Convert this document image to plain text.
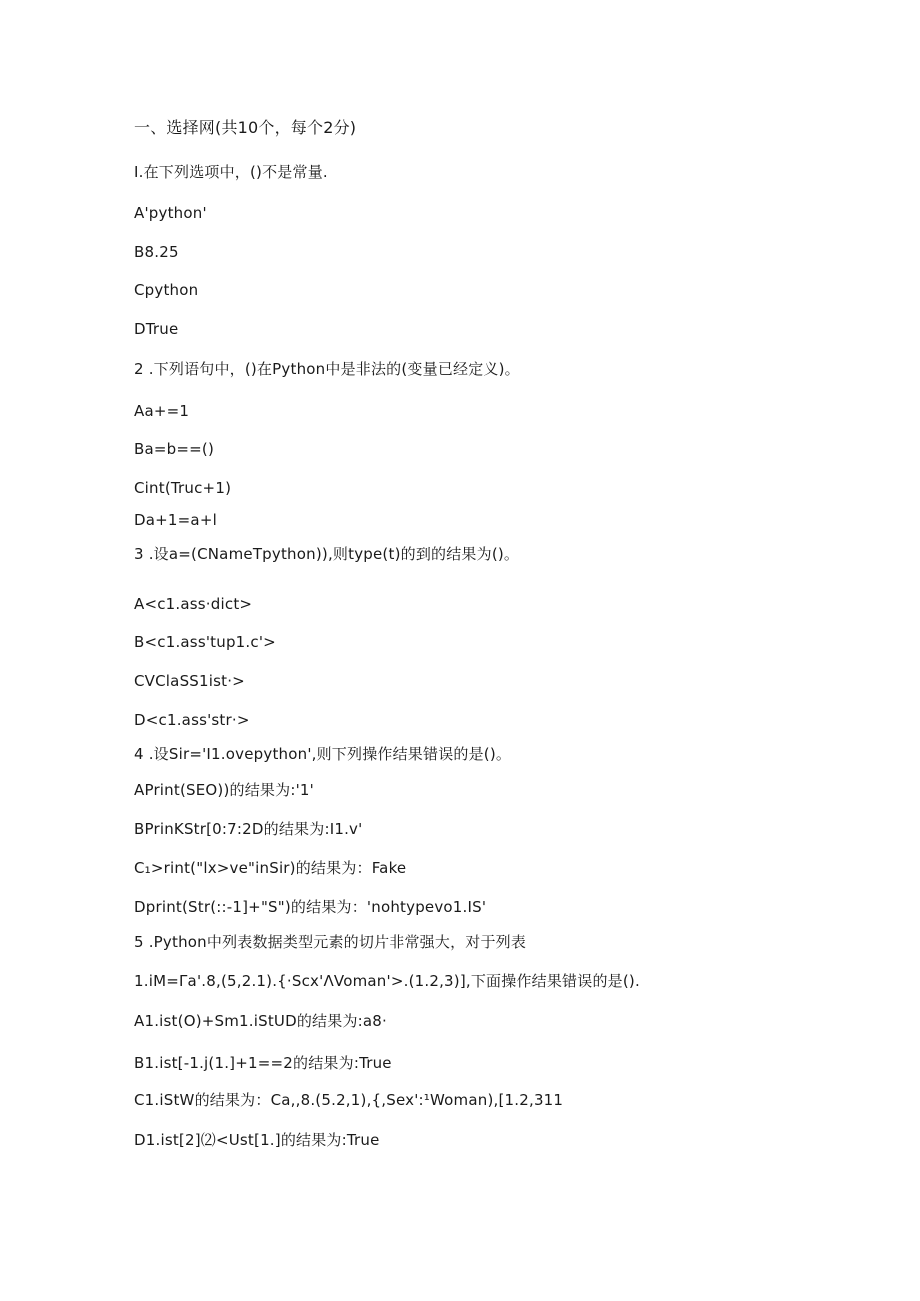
一、选择网(共10个，每个2分)
I.在下列选项中，()不是常量.
A'python'
B8.25
Cpython
DTrue
2 .下列语句中，()在Python中是非法的(变量已经定义)。
Aa+=1
Ba=b==()
Cint(Truc+1)
Da+1=a+l
3 .设a=(CNameTpython)),则type(t)的到的结果为()。
A<c1.ass·dict>
B<c1.ass'tup1.c'>
CVClaSS1ist·>
D<c1.ass'str·>
4 .设Sir='I1.ovepython',则下列操作结果错误的是()。
APrint(SEO))的结果为:'1'
BPrinKStr[0:7:2D的结果为:I1.v'
C₁>rint("lx>ve"inSir)的结果为：Fake
Dprint(Str(::-1]+"S")的结果为：'nohtypevo1.IS'
5 .Python中列表数据类型元素的切片非常强大，对于列表
1.iM=Γa'.8,(5,2.1).{·Scx'ΛVoman'>.(1.2,3)],下面操作结果错误的是().
A1.ist(O)+Sm1.iStUD的结果为:a8·
B1.ist[-1.j(1.]+1==2的结果为:True
C1.iStW的结果为：Ca,,8.(5.2,1),{,Sex':¹Woman),[1.2,311
D1.ist[2]⑵<Ust[1.]的结果为:True
